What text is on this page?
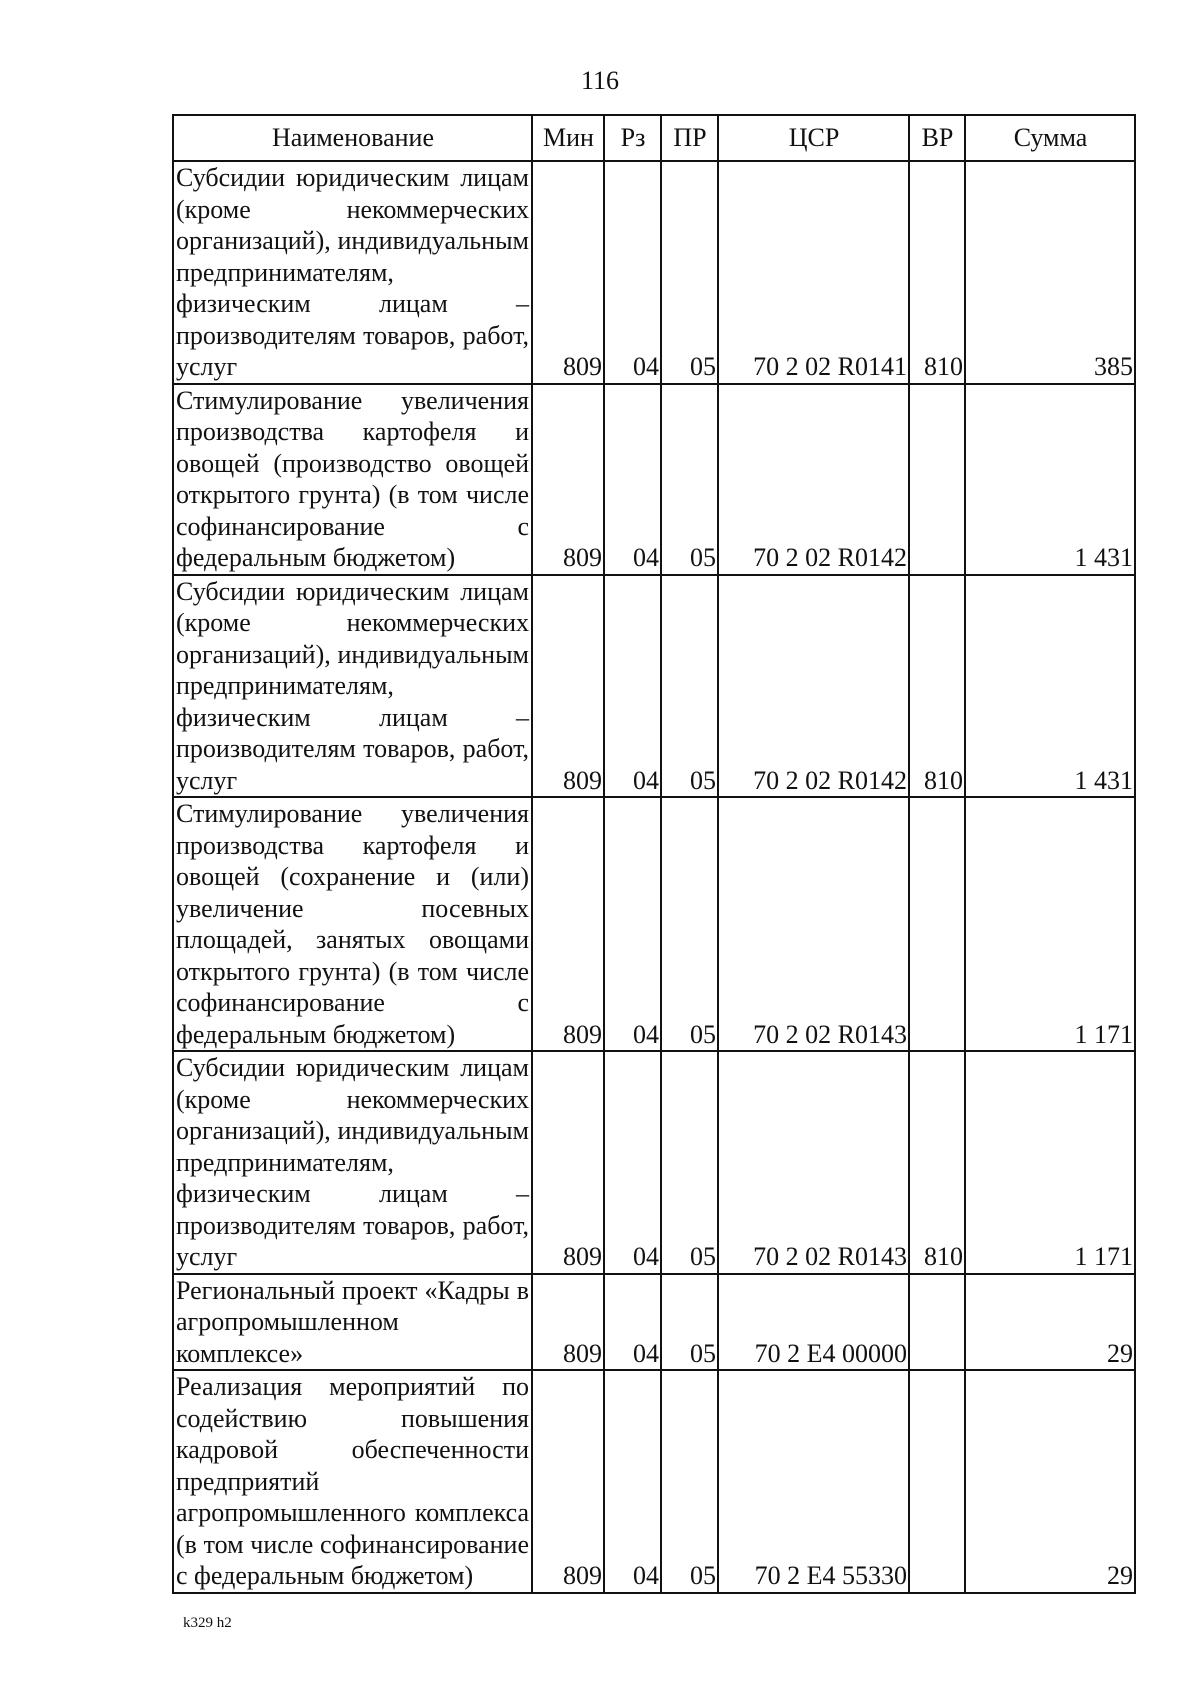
116
Наименование	Мин	Рз	ПР	ЦСР	ВР	Сумма
Субсидии юридическим лицам (кроме некоммерческих организаций), индивидуальным предпринимателям, физическим лицам – производителям товаров, работ, услуг	809	04	05	70 2 02 R0141	810	385
Стимулирование увеличения производства картофеля и овощей (производство овощей открытого грунта) (в том числе софинансирование с федеральным бюджетом)	809	04	05	70 2 02 R0142		1 431
Субсидии юридическим лицам (кроме некоммерческих организаций), индивидуальным предпринимателям, физическим лицам – производителям товаров, работ, услуг	809	04	05	70 2 02 R0142	810	1 431
Стимулирование увеличения производства картофеля и овощей (сохранение и (или) увеличение посевных площадей, занятых овощами открытого грунта) (в том числе софинансирование с федеральным бюджетом)	809	04	05	70 2 02 R0143		1 171
Субсидии юридическим лицам (кроме некоммерческих организаций), индивидуальным предпринимателям, физическим лицам – производителям товаров, работ, услуг	809	04	05	70 2 02 R0143	810	1 171
Региональный проект «Кадры в агропромышленном комплексе»	809	04	05	70 2 E4 00000		29
Реализация мероприятий по содействию повышения кадровой обеспеченности предприятий агропромышленного комплекса (в том числе софинансирование с федеральным бюджетом)	809	04	05	70 2 E4 55330		29
k329 h2
